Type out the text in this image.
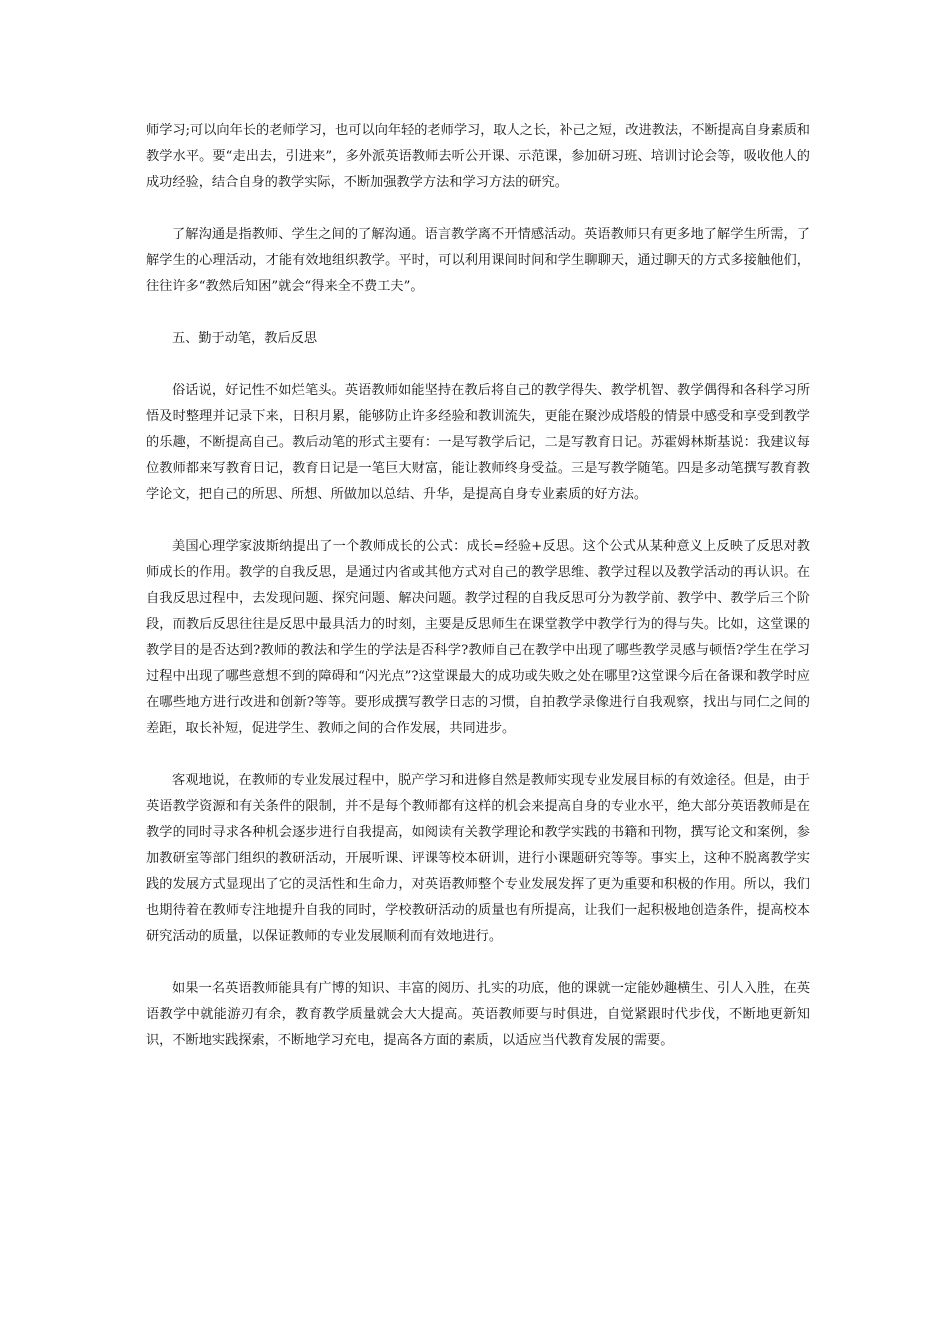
师学习;可以向年长的老师学习，也可以向年轻的老师学习，取人之长，补己之短，改进教法，不断提高自身素质和教学水平。要“走出去，引进来”，多外派英语教师去听公开课、示范课，参加研习班、培训讨论会等，吸收他人的成功经验，结合自身的教学实际，不断加强教学方法和学习方法的研究。

了解沟通是指教师、学生之间的了解沟通。语言教学离不开情感活动。英语教师只有更多地了解学生所需，了解学生的心理活动，才能有效地组织教学。平时，可以利用课间时间和学生聊聊天，通过聊天的方式多接触他们，往往许多“教然后知困”就会“得来全不费工夫”。

五、勤于动笔，教后反思

俗话说，好记性不如烂笔头。英语教师如能坚持在教后将自己的教学得失、教学机智、教学偶得和各科学习所悟及时整理并记录下来，日积月累，能够防止许多经验和教训流失，更能在聚沙成塔般的情景中感受和享受到教学的乐趣，不断提高自己。教后动笔的形式主要有：一是写教学后记，二是写教育日记。苏霍姆林斯基说：我建议每位教师都来写教育日记，教育日记是一笔巨大财富，能让教师终身受益。三是写教学随笔。四是多动笔撰写教育教学论文，把自己的所思、所想、所做加以总结、升华，是提高自身专业素质的好方法。

美国心理学家波斯纳提出了一个教师成长的公式：成长=经验+反思。这个公式从某种意义上反映了反思对教师成长的作用。教学的自我反思，是通过内省或其他方式对自己的教学思维、教学过程以及教学活动的再认识。在自我反思过程中，去发现问题、探究问题、解决问题。教学过程的自我反思可分为教学前、教学中、教学后三个阶段，而教后反思往往是反思中最具活力的时刻，主要是反思师生在课堂教学中教学行为的得与失。比如，这堂课的教学目的是否达到?教师的教法和学生的学法是否科学?教师自己在教学中出现了哪些教学灵感与顿悟?学生在学习过程中出现了哪些意想不到的障碍和“闪光点”?这堂课最大的成功或失败之处在哪里?这堂课今后在备课和教学时应在哪些地方进行改进和创新?等等。要形成撰写教学日志的习惯，自拍教学录像进行自我观察，找出与同仁之间的差距，取长补短，促进学生、教师之间的合作发展，共同进步。

客观地说，在教师的专业发展过程中，脱产学习和进修自然是教师实现专业发展目标的有效途径。但是，由于英语教学资源和有关条件的限制，并不是每个教师都有这样的机会来提高自身的专业水平，绝大部分英语教师是在教学的同时寻求各种机会逐步进行自我提高，如阅读有关教学理论和教学实践的书籍和刊物，撰写论文和案例，参加教研室等部门组织的教研活动，开展听课、评课等校本研训，进行小课题研究等等。事实上，这种不脱离教学实践的发展方式显现出了它的灵活性和生命力，对英语教师整个专业发展发挥了更为重要和积极的作用。所以，我们也期待着在教师专注地提升自我的同时，学校教研活动的质量也有所提高，让我们一起积极地创造条件，提高校本研究活动的质量，以保证教师的专业发展顺利而有效地进行。

如果一名英语教师能具有广博的知识、丰富的阅历、扎实的功底，他的课就一定能妙趣横生、引人入胜，在英语教学中就能游刃有余，教育教学质量就会大大提高。英语教师要与时俱进，自觉紧跟时代步伐，不断地更新知识，不断地实践探索，不断地学习充电，提高各方面的素质，以适应当代教育发展的需要。
